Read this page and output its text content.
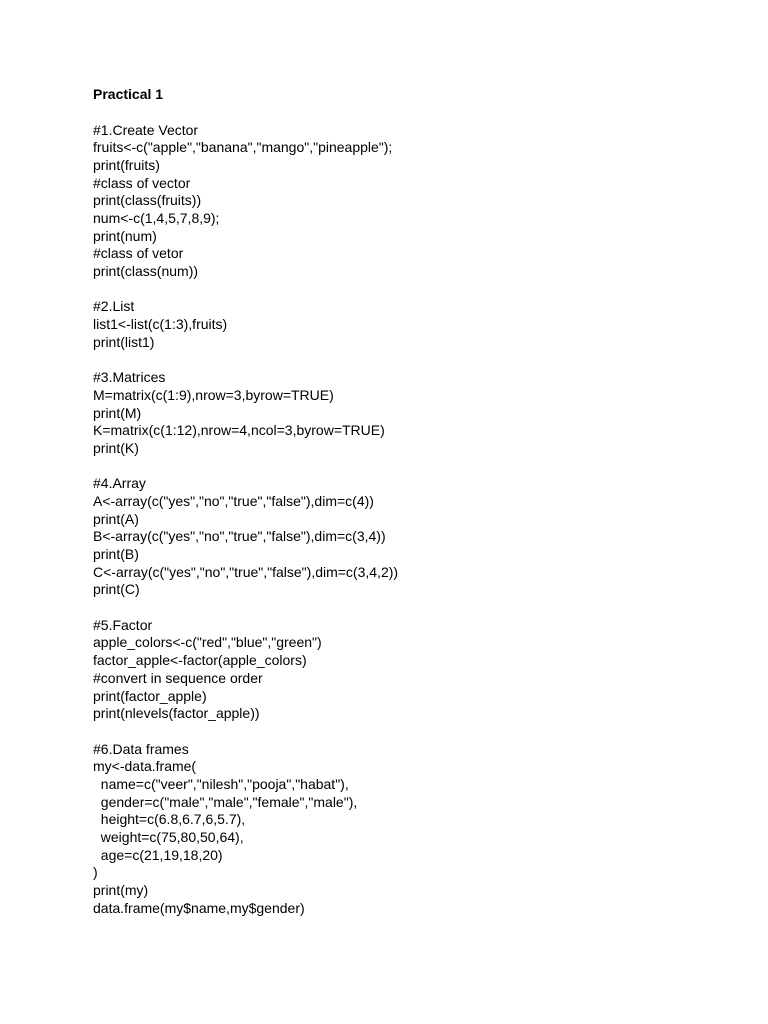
Practical 1
#1.Create Vector
fruits<-c("apple","banana","mango","pineapple");
print(fruits)
#class of vector
print(class(fruits))
num<-c(1,4,5,7,8,9);
print(num)
#class of vetor
print(class(num))
#2.List
list1<-list(c(1:3),fruits)
print(list1)
#3.Matrices
M=matrix(c(1:9),nrow=3,byrow=TRUE)
print(M)
K=matrix(c(1:12),nrow=4,ncol=3,byrow=TRUE)
print(K)
#4.Array
A<-array(c("yes","no","true","false"),dim=c(4))
print(A)
B<-array(c("yes","no","true","false"),dim=c(3,4))
print(B)
C<-array(c("yes","no","true","false"),dim=c(3,4,2))
print(C)
#5.Factor
apple_colors<-c("red","blue","green")
factor_apple<-factor(apple_colors)
#convert in sequence order
print(factor_apple)
print(nlevels(factor_apple))
#6.Data frames
my<-data.frame(
name=c("veer","nilesh","pooja","habat"),
gender=c("male","male","female","male"),
height=c(6.8,6.7,6,5.7),
weight=c(75,80,50,64),
age=c(21,19,18,20)
)
print(my)
data.frame(my$name,my$gender)
